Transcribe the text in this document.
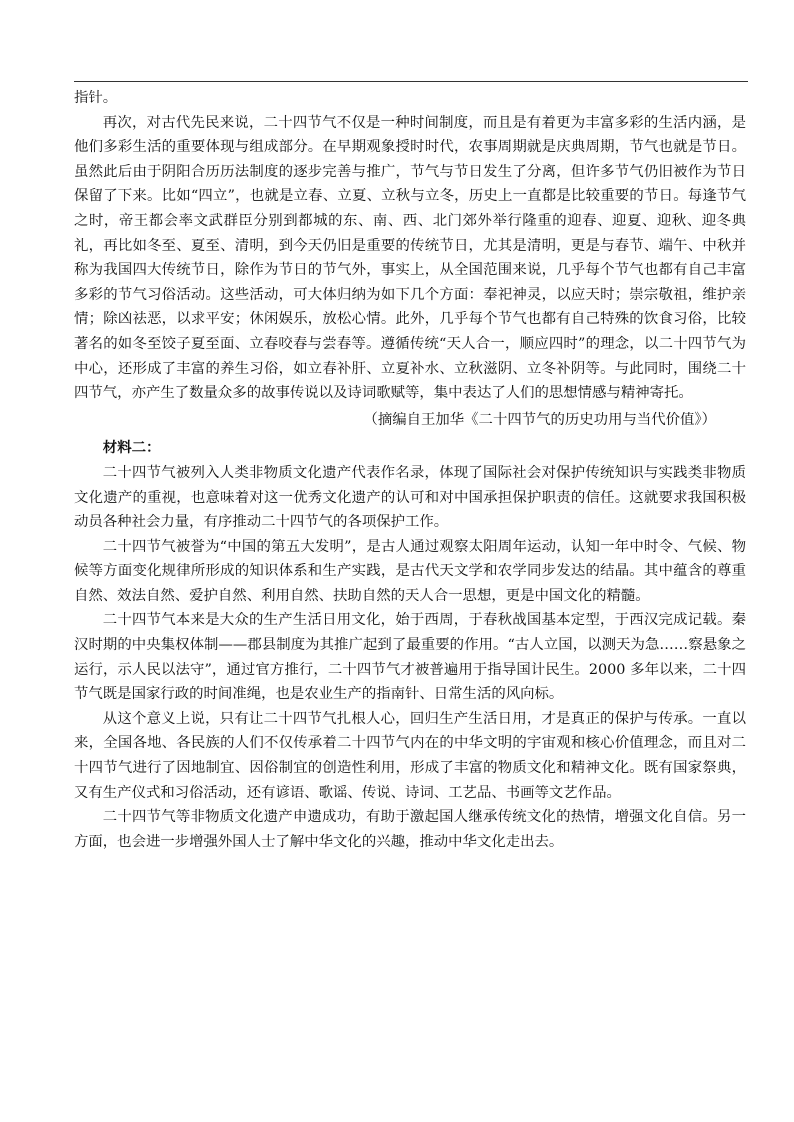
指针。

再次，对古代先民来说，二十四节气不仅是一种时间制度，而且是有着更为丰富多彩的生活内涵，是他们多彩生活的重要体现与组成部分。在早期观象授时时代，农事周期就是庆典周期，节气也就是节日。虽然此后由于阴阳合历历法制度的逐步完善与推广，节气与节日发生了分离，但许多节气仍旧被作为节日保留了下来。比如“四立”，也就是立春、立夏、立秋与立冬，历史上一直都是比较重要的节日。每逢节气之时，帝王都会率文武群臣分别到都城的东、南、西、北门郊外举行隆重的迎春、迎夏、迎秋、迎冬典礼，再比如冬至、夏至、清明，到今天仍旧是重要的传统节日，尤其是清明，更是与春节、端午、中秋并称为我国四大传统节日，除作为节日的节气外，事实上，从全国范围来说，几乎每个节气也都有自己丰富多彩的节气习俗活动。这些活动，可大体归纳为如下几个方面：奉祀神灵，以应天时；崇宗敬祖，维护亲情；除凶祛恶，以求平安；休闲娱乐，放松心情。此外，几乎每个节气也都有自己特殊的饮食习俗，比较著名的如冬至饺子夏至面、立春咬春与尝春等。遵循传统“天人合一，顺应四时”的理念，以二十四节气为中心，还形成了丰富的养生习俗，如立春补肝、立夏补水、立秋滋阴、立冬补阴等。与此同时，围绕二十四节气，亦产生了数量众多的故事传说以及诗词歌赋等，集中表达了人们的思想情感与精神寄托。

（摘编自王加华《二十四节气的历史功用与当代价值》）

材料二：

二十四节气被列入人类非物质文化遗产代表作名录，体现了国际社会对保护传统知识与实践类非物质文化遗产的重视，也意味着对这一优秀文化遗产的认可和对中国承担保护职责的信任。这就要求我国积极动员各种社会力量，有序推动二十四节气的各项保护工作。

二十四节气被誉为“中国的第五大发明”，是古人通过观察太阳周年运动，认知一年中时令、气候、物候等方面变化规律所形成的知识体系和生产实践，是古代天文学和农学同步发达的结晶。其中蕴含的尊重自然、效法自然、爱护自然、利用自然、扶助自然的天人合一思想，更是中国文化的精髓。

二十四节气本来是大众的生产生活日用文化，始于西周，于春秋战国基本定型，于西汉完成记载。秦汉时期的中央集权体制——郡县制度为其推广起到了最重要的作用。“古人立国，以测天为急……察悬象之运行，示人民以法守”，通过官方推行，二十四节气才被普遍用于指导国计民生。2000 多年以来，二十四节气既是国家行政的时间准绳，也是农业生产的指南针、日常生活的风向标。

从这个意义上说，只有让二十四节气扎根人心，回归生产生活日用，才是真正的保护与传承。一直以来，全国各地、各民族的人们不仅传承着二十四节气内在的中华文明的宇宙观和核心价值理念，而且对二十四节气进行了因地制宜、因俗制宜的创造性利用，形成了丰富的物质文化和精神文化。既有国家祭典，又有生产仪式和习俗活动，还有谚语、歌谣、传说、诗词、工艺品、书画等文艺作品。

二十四节气等非物质文化遗产申遗成功，有助于激起国人继承传统文化的热情，增强文化自信。另一方面，也会进一步增强外国人士了解中华文化的兴趣，推动中华文化走出去。
